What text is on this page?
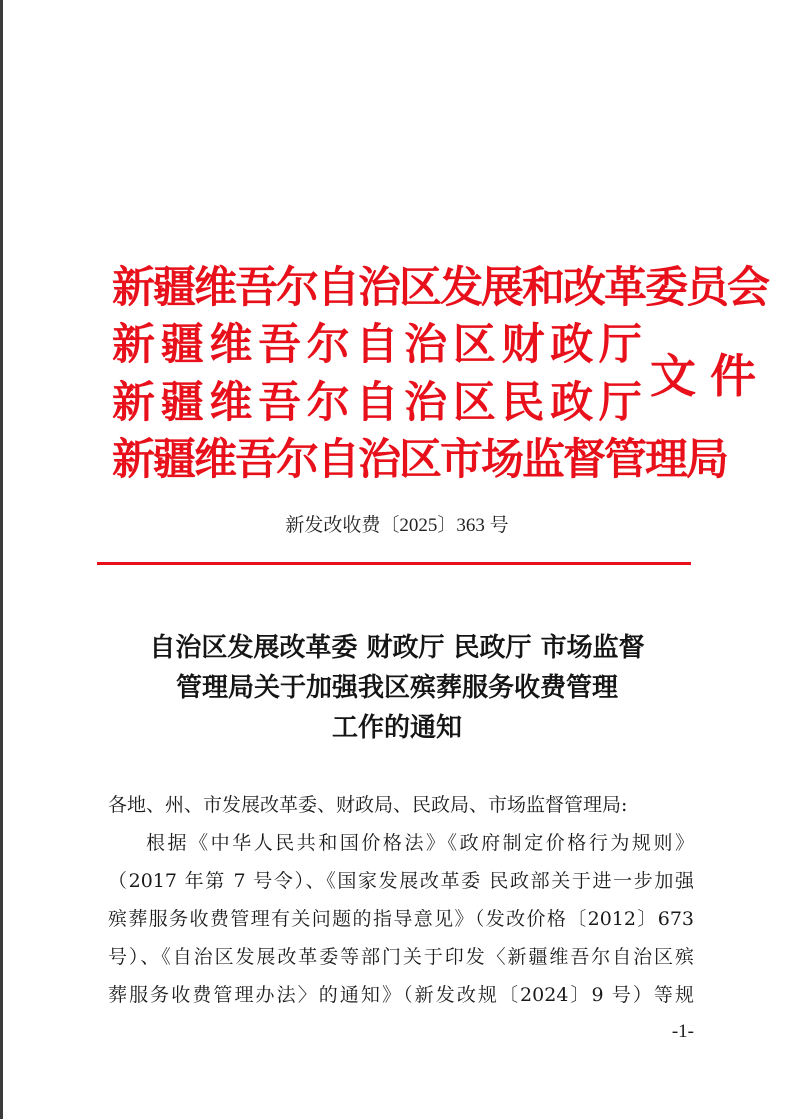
新疆维吾尔自治区发展和改革委员会
新 疆 维 吾 尔 自 治 区 财 政 厅
新 疆 维 吾 尔 自 治 区 民 政 厅
新疆维吾尔自治区市场监督管理局
文件
新发改收费〔2025〕363 号
自治区发展改革委 财政厅 民政厅 市场监督
管理局关于加强我区殡葬服务收费管理
工作的通知
各地、州、市发展改革委、财政局、民政局、市场监督管理局:
根据《中华人民共和国价格法》《政府制定价格行为规则》
（2017 年第 7 号令）、《国家发展改革委 民政部关于进一步加强
殡葬服务收费管理有关问题的指导意见》（发改价格〔2012〕673
号）、《自治区发展改革委等部门关于印发〈新疆维吾尔自治区殡
葬服务收费管理办法〉的通知》（新发改规〔2024〕9 号）等规
-1-
